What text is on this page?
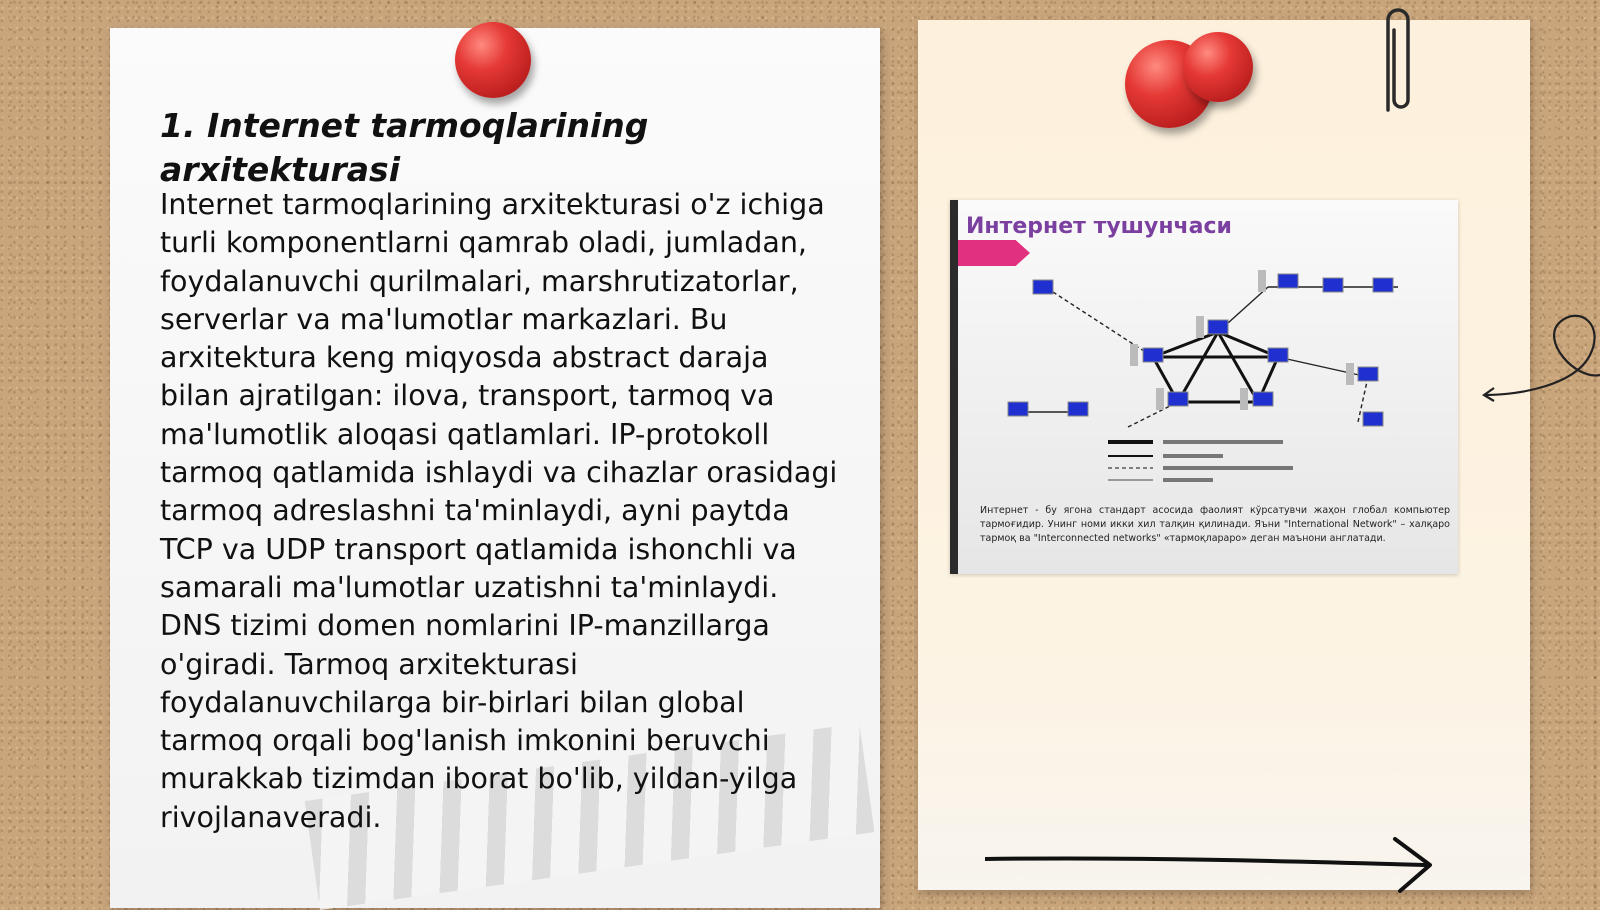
1. Internet tarmoqlarining arxitekturasi

Internet tarmoqlarining arxitekturasi o'z ichiga turli komponentlarni qamrab oladi, jumladan, foydalanuvchi qurilmalari, marshrutizatorlar, serverlar va ma'lumotlar markazlari. Bu arxitektura keng miqyosda abstract daraja bilan ajratilgan: ilova, transport, tarmoq va ma'lumotlik aloqasi qatlamlari. IP-protokoll tarmoq qatlamida ishlaydi va cihazlar orasidagi tarmoq adreslashni ta'minlaydi, ayni paytda TCP va UDP transport qatlamida ishonchli va samarali ma'lumotlar uzatishni ta'minlaydi. DNS tizimi domen nomlarini IP-manzillarga o'giradi. Tarmoq arxitekturasi foydalanuvchilarga bir-birlari bilan global tarmoq orqali bog'lanish imkonini beruvchi murakkab tizimdan iborat bo'lib, yildan-yilga rivojlanaveradi.

Интернет тушунчаси

Интернет - бу ягона стандарт асосида фаолият кўрсатувчи жаҳон глобал компьютер тармоғидир. Унинг номи икки хил талқин қилинади. Яъни "International Network" – халқаро тармоқ ва "Interconnected networks" «тармоқлараро» деган маънони англатади.
